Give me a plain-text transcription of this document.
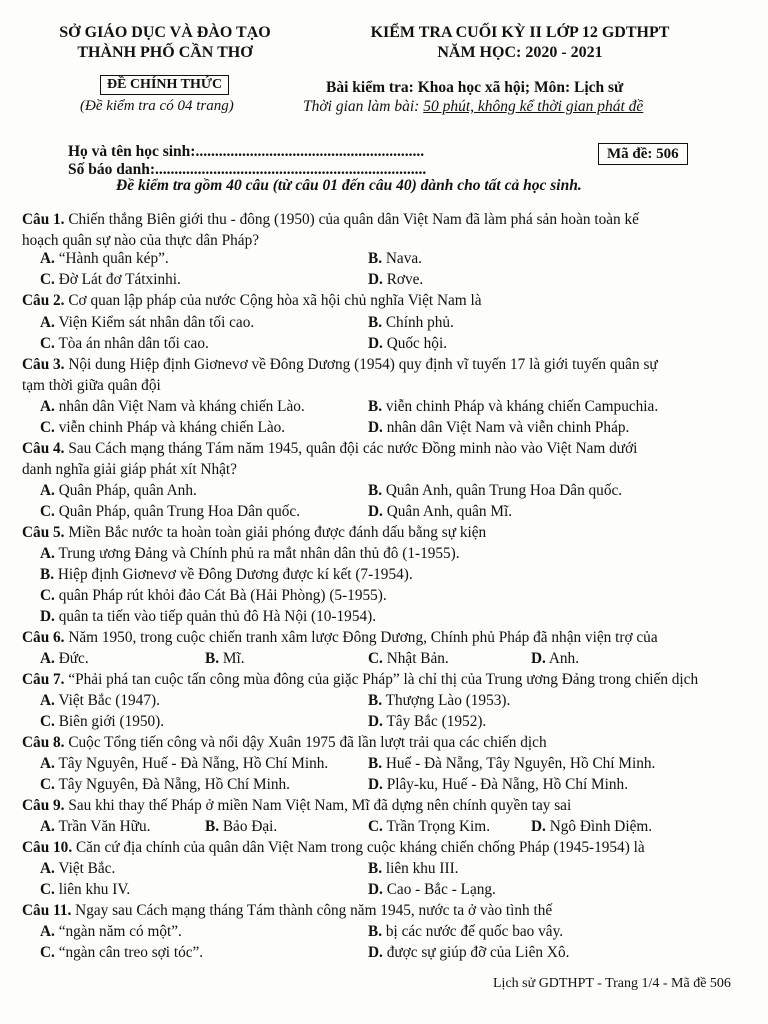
SỞ GIÁO DỤC VÀ ĐÀO TẠO
THÀNH PHỐ CẦN THƠ
ĐỀ CHÍNH THỨC
(Đề kiểm tra có 04 trang)
KIỂM TRA CUỐI KỲ II LỚP 12 GDTHPT
NĂM HỌC: 2020 - 2021
Bài kiểm tra: Khoa học xã hội; Môn: Lịch sử
Thời gian làm bài: 50 phút, không kể thời gian phát đề
Họ và tên học sinh:...........................................................
Số báo danh:......................................................................
Mã đề: 506
Đề kiểm tra gồm 40 câu (từ câu 01 đến câu 40) dành cho tất cả học sinh.
Câu 1. Chiến thắng Biên giới thu - đông (1950) của quân dân Việt Nam đã làm phá sản hoàn toàn kế
hoạch quân sự nào của thực dân Pháp?
A. “Hành quân kép”.	B. Nava.
C. Đờ Lát đơ Tátxinhi.	D. Rơve.
Câu 2. Cơ quan lập pháp của nước Cộng hòa xã hội chủ nghĩa Việt Nam là
A. Viện Kiểm sát nhân dân tối cao.	B. Chính phủ.
C. Tòa án nhân dân tối cao.	D. Quốc hội.
Câu 3. Nội dung Hiệp định Giơnevơ về Đông Dương (1954) quy định vĩ tuyến 17 là giới tuyến quân sự
tạm thời giữa quân đội
A. nhân dân Việt Nam và kháng chiến Lào.	B. viễn chinh Pháp và kháng chiến Campuchia.
C. viễn chinh Pháp và kháng chiến Lào.	D. nhân dân Việt Nam và viễn chinh Pháp.
Câu 4. Sau Cách mạng tháng Tám năm 1945, quân đội các nước Đồng minh nào vào Việt Nam dưới
danh nghĩa giải giáp phát xít Nhật?
A. Quân Pháp, quân Anh.	B. Quân Anh, quân Trung Hoa Dân quốc.
C. Quân Pháp, quân Trung Hoa Dân quốc.	D. Quân Anh, quân Mĩ.
Câu 5. Miền Bắc nước ta hoàn toàn giải phóng được đánh dấu bằng sự kiện
A. Trung ương Đảng và Chính phủ ra mắt nhân dân thủ đô (1-1955).
B. Hiệp định Giơnevơ về Đông Dương được kí kết (7-1954).
C. quân Pháp rút khỏi đảo Cát Bà (Hải Phòng) (5-1955).
D. quân ta tiến vào tiếp quản thủ đô Hà Nội (10-1954).
Câu 6. Năm 1950, trong cuộc chiến tranh xâm lược Đông Dương, Chính phủ Pháp đã nhận viện trợ của
A. Đức.	B. Mĩ.	C. Nhật Bản.	D. Anh.
Câu 7. “Phải phá tan cuộc tấn công mùa đông của giặc Pháp” là chỉ thị của Trung ương Đảng trong chiến dịch
A. Việt Bắc (1947).	B. Thượng Lào (1953).
C. Biên giới (1950).	D. Tây Bắc (1952).
Câu 8. Cuộc Tổng tiến công và nổi dậy Xuân 1975 đã lần lượt trải qua các chiến dịch
A. Tây Nguyên, Huế - Đà Nẵng, Hồ Chí Minh.	B. Huế - Đà Nẵng, Tây Nguyên, Hồ Chí Minh.
C. Tây Nguyên, Đà Nẵng, Hồ Chí Minh.	D. Plây-ku, Huế - Đà Nẵng, Hồ Chí Minh.
Câu 9. Sau khi thay thế Pháp ở miền Nam Việt Nam, Mĩ đã dựng nên chính quyền tay sai
A. Trần Văn Hữu.	B. Bảo Đại.	C. Trần Trọng Kim.	D. Ngô Đình Diệm.
Câu 10. Căn cứ địa chính của quân dân Việt Nam trong cuộc kháng chiến chống Pháp (1945-1954) là
A. Việt Bắc.	B. liên khu III.
C. liên khu IV.	D. Cao - Bắc - Lạng.
Câu 11. Ngay sau Cách mạng tháng Tám thành công năm 1945, nước ta ở vào tình thế
A. “ngàn năm có một”.	B. bị các nước đế quốc bao vây.
C. “ngàn cân treo sợi tóc”.	D. được sự giúp đỡ của Liên Xô.
Lịch sử GDTHPT - Trang 1/4 - Mã đề 506
